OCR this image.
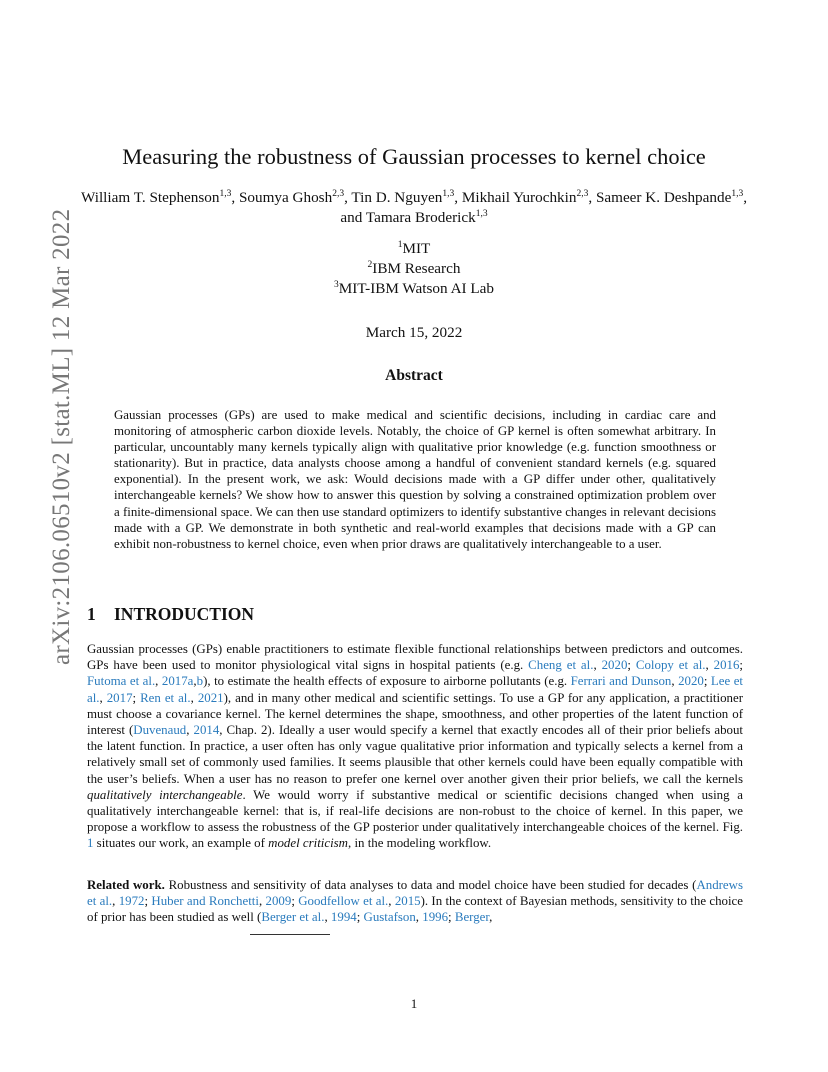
arXiv:2106.06510v2 [stat.ML] 12 Mar 2022
Measuring the robustness of Gaussian processes to kernel choice
William T. Stephenson$^{1,3}$, Soumya Ghosh$^{2,3}$, Tin D. Nguyen$^{1,3}$, Mikhail Yurochkin$^{2,3}$, Sameer K. Deshpande$^{1,3}$, and Tamara Broderick$^{1,3}$
$^1$MIT
$^2$IBM Research
$^3$MIT-IBM Watson AI Lab
March 15, 2022
Abstract
Gaussian processes (GPs) are used to make medical and scientific decisions, including in cardiac care and monitoring of atmospheric carbon dioxide levels. Notably, the choice of GP kernel is often somewhat arbitrary. In particular, uncountably many kernels typically align with qualitative prior knowledge (e.g. function smoothness or stationarity). But in practice, data analysts choose among a handful of convenient standard kernels (e.g. squared exponential). In the present work, we ask: Would decisions made with a GP differ under other, qualitatively interchangeable kernels? We show how to answer this question by solving a constrained optimization problem over a finite-dimensional space. We can then use standard optimizers to identify substantive changes in relevant decisions made with a GP. We demonstrate in both synthetic and real-world examples that decisions made with a GP can exhibit non-robustness to kernel choice, even when prior draws are qualitatively interchangeable to a user.
1 INTRODUCTION
Gaussian processes (GPs) enable practitioners to estimate flexible functional relationships between predictors and outcomes. GPs have been used to monitor physiological vital signs in hospital patients (e.g. Cheng et al., 2020; Colopy et al., 2016; Futoma et al., 2017a,b), to estimate the health effects of exposure to airborne pollutants (e.g. Ferrari and Dunson, 2020; Lee et al., 2017; Ren et al., 2021), and in many other medical and scientific settings. To use a GP for any application, a practitioner must choose a covariance kernel. The kernel determines the shape, smoothness, and other properties of the latent function of interest (Duvenaud, 2014, Chap. 2). Ideally a user would specify a kernel that exactly encodes all of their prior beliefs about the latent function. In practice, a user often has only vague qualitative prior information and typically selects a kernel from a relatively small set of commonly used families. It seems plausible that other kernels could have been equally compatible with the user’s beliefs. When a user has no reason to prefer one kernel over another given their prior beliefs, we call the kernels qualitatively interchangeable. We would worry if substantive medical or scientific decisions changed when using a qualitatively interchangeable kernel: that is, if real-life decisions are non-robust to the choice of kernel. In this paper, we propose a workflow to assess the robustness of the GP posterior under qualitatively interchangeable choices of the kernel. Fig. 1 situates our work, an example of model criticism, in the modeling workflow.
Related work. Robustness and sensitivity of data analyses to data and model choice have been studied for decades (Andrews et al., 1972; Huber and Ronchetti, 2009; Goodfellow et al., 2015). In the context of Bayesian methods, sensitivity to the choice of prior has been studied as well (Berger et al., 1994; Gustafson, 1996; Berger,
1
